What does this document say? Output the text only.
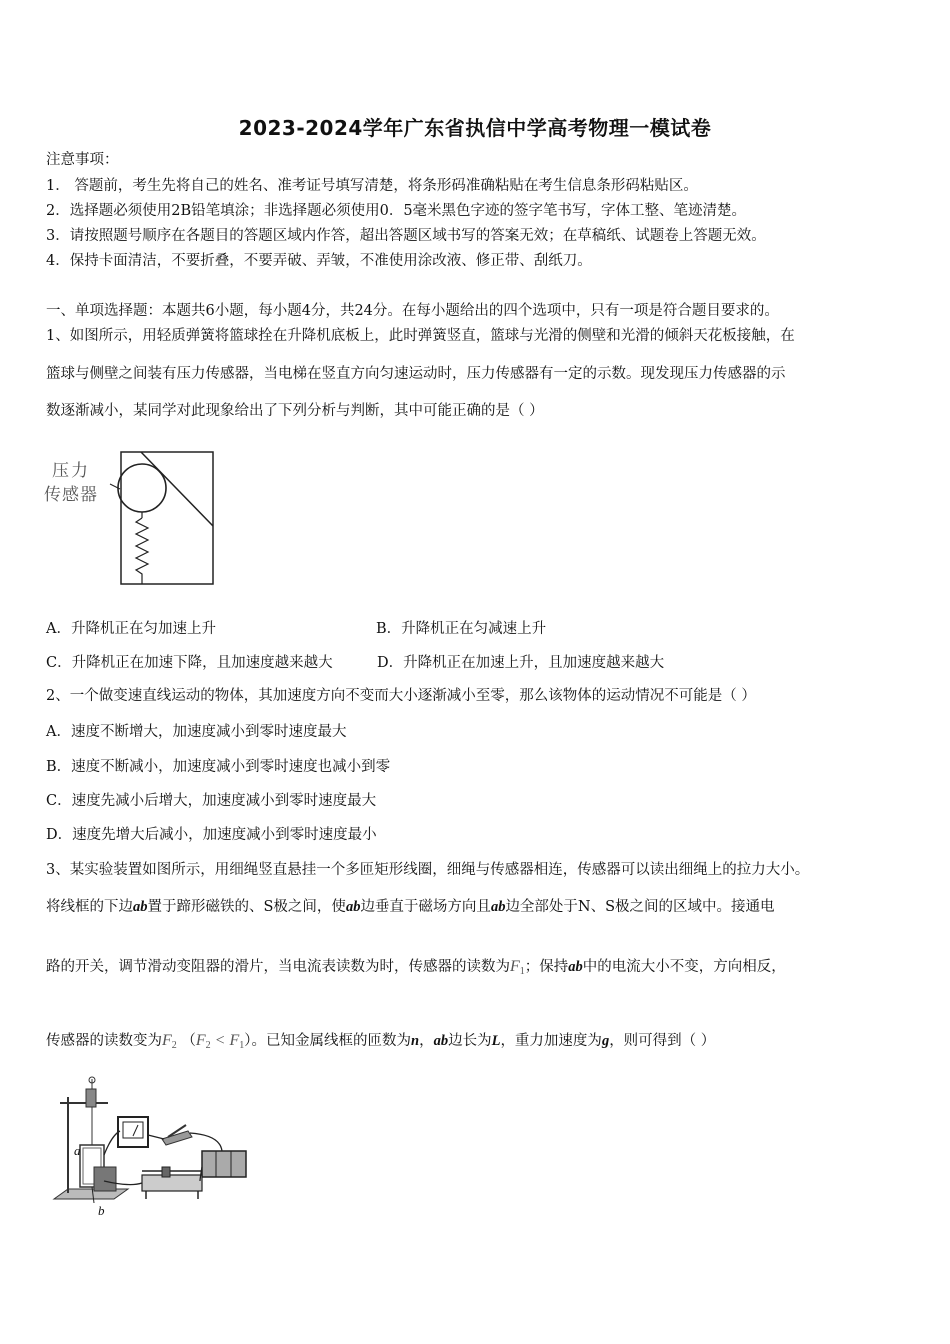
2023-2024学年广东省执信中学高考物理一模试卷
注意事项：
1． 答题前，考生先将自己的姓名、准考证号填写清楚，将条形码准确粘贴在考生信息条形码粘贴区。
2．选择题必须使用2B铅笔填涂；非选择题必须使用0．5毫米黑色字迹的签字笔书写，字体工整、笔迹清楚。
3．请按照题号顺序在各题目的答题区域内作答，超出答题区域书写的答案无效；在草稿纸、试题卷上答题无效。
4．保持卡面清洁，不要折叠，不要弄破、弄皱，不准使用涂改液、修正带、刮纸刀。
一、单项选择题：本题共6小题，每小题4分，共24分。在每小题给出的四个选项中，只有一项是符合题目要求的。
1、如图所示，用轻质弹簧将篮球拴在升降机底板上，此时弹簧竖直，篮球与光滑的侧壁和光滑的倾斜天花板接触，在
篮球与侧壁之间装有压力传感器，当电梯在竖直方向匀速运动时，压力传感器有一定的示数。现发现压力传感器的示
数逐渐减小，某同学对此现象给出了下列分析与判断，其中可能正确的是（ ）
压力
传感器
A．升降机正在匀加速上升	B．升降机正在匀减速上升
C．升降机正在加速下降，且加速度越来越大	D．升降机正在加速上升，且加速度越来越大
2、一个做变速直线运动的物体，其加速度方向不变而大小逐渐减小至零，那么该物体的运动情况不可能是（ ）
A．速度不断增大，加速度减小到零时速度最大
B．速度不断减小，加速度减小到零时速度也减小到零
C．速度先减小后增大，加速度减小到零时速度最大
D．速度先增大后减小，加速度减小到零时速度最小
3、某实验装置如图所示，用细绳竖直悬挂一个多匝矩形线圈，细绳与传感器相连，传感器可以读出细绳上的拉力大小。
将线框的下边ab置于蹄形磁铁的、S极之间，使ab边垂直于磁场方向且ab边全部处于N、S极之间的区域中。接通电
路的开关，调节滑动变阻器的滑片，当电流表读数为时，传感器的读数为$F_1$；保持ab中的电流大小不变，方向相反，
传感器的读数变为$F_2$ $(F_2 < F_1)$。已知金属线框的匝数为n，ab边长为L，重力加速度为g，则可得到（ ）
a
b
